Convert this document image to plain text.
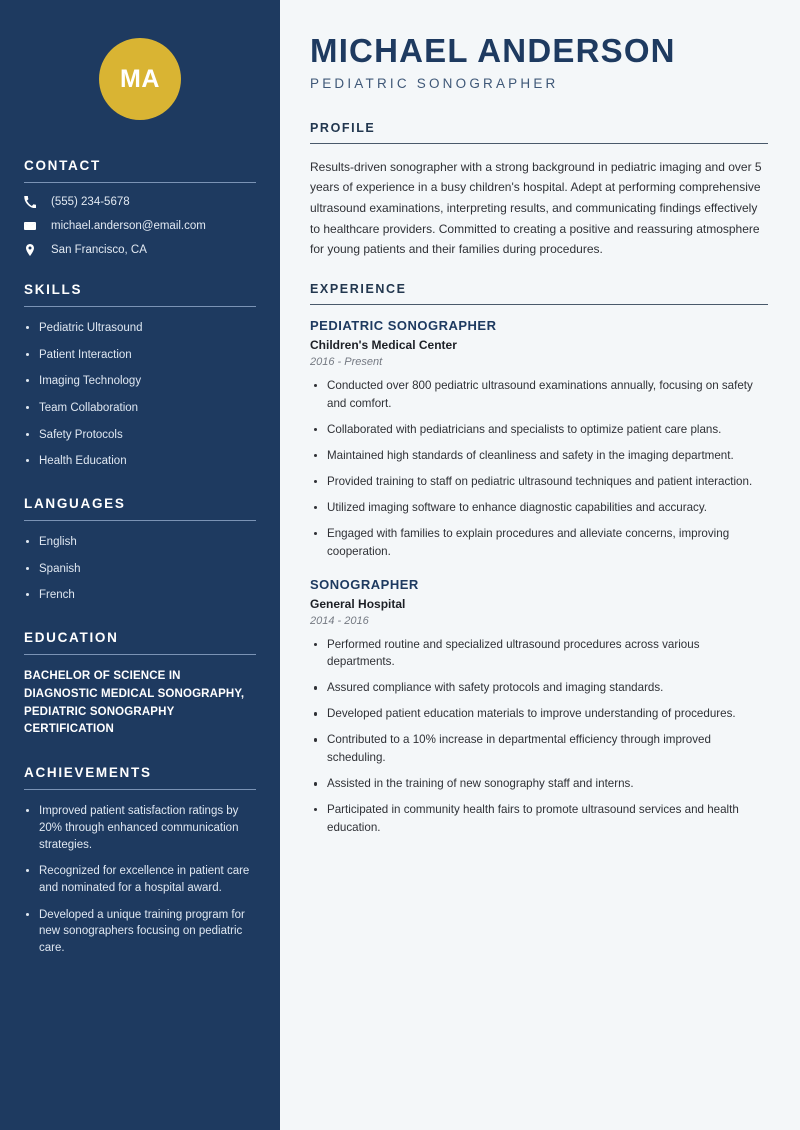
MA
CONTACT
(555) 234-5678
michael.anderson@email.com
San Francisco, CA
SKILLS
Pediatric Ultrasound
Patient Interaction
Imaging Technology
Team Collaboration
Safety Protocols
Health Education
LANGUAGES
English
Spanish
French
EDUCATION
BACHELOR OF SCIENCE IN DIAGNOSTIC MEDICAL SONOGRAPHY, PEDIATRIC SONOGRAPHY CERTIFICATION
ACHIEVEMENTS
Improved patient satisfaction ratings by 20% through enhanced communication strategies.
Recognized for excellence in patient care and nominated for a hospital award.
Developed a unique training program for new sonographers focusing on pediatric care.
MICHAEL ANDERSON
PEDIATRIC SONOGRAPHER
PROFILE

Results-driven sonographer with a strong background in pediatric imaging and over 5 years of experience in a busy children's hospital. Adept at performing comprehensive ultrasound examinations, interpreting results, and communicating findings effectively to healthcare providers. Committed to creating a positive and reassuring atmosphere for young patients and their families during procedures.

EXPERIENCE
PEDIATRIC SONOGRAPHER
Children's Medical Center
2016 - Present
Conducted over 800 pediatric ultrasound examinations annually, focusing on safety and comfort.
Collaborated with pediatricians and specialists to optimize patient care plans.
Maintained high standards of cleanliness and safety in the imaging department.
Provided training to staff on pediatric ultrasound techniques and patient interaction.
Utilized imaging software to enhance diagnostic capabilities and accuracy.
Engaged with families to explain procedures and alleviate concerns, improving cooperation.
SONOGRAPHER
General Hospital
2014 - 2016
Performed routine and specialized ultrasound procedures across various departments.
Assured compliance with safety protocols and imaging standards.
Developed patient education materials to improve understanding of procedures.
Contributed to a 10% increase in departmental efficiency through improved scheduling.
Assisted in the training of new sonography staff and interns.
Participated in community health fairs to promote ultrasound services and health education.
